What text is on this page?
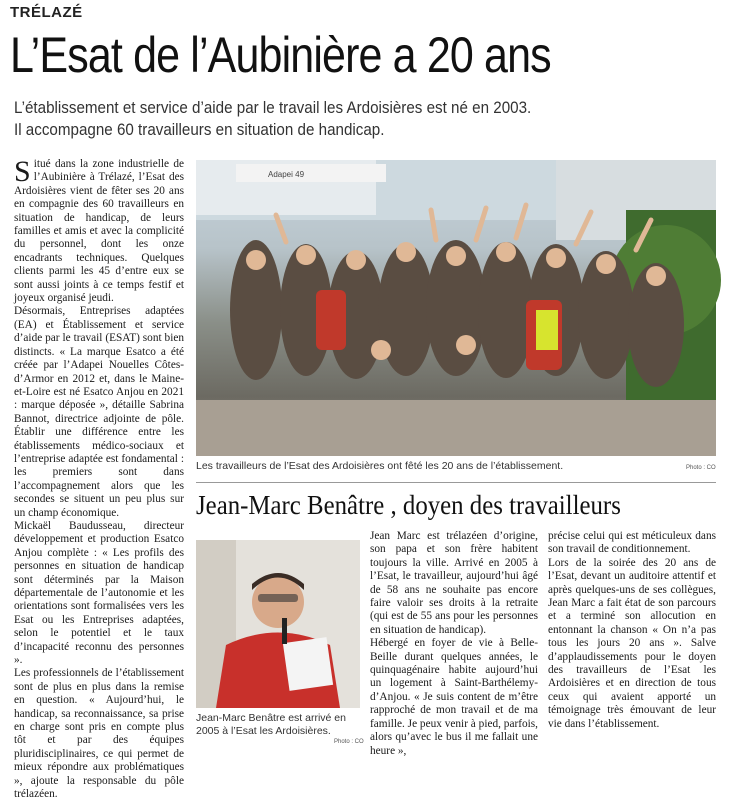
TRÉLAZÉ
L’Esat de l’Aubinière a 20 ans
L’établissement et service d’aide par le travail les Ardoisières est né en 2003.
Il accompagne 60 travailleurs en situation de handicap.

Situé dans la zone industrielle de l’Aubinière à Trélazé, l’Esat des Ardoisières vient de fêter ses 20 ans en compagnie des 60 travailleurs en situation de handicap, de leurs familles et amis et avec la complicité du personnel, dont les onze encadrants techniques. Quelques clients parmi les 45 d’entre eux se sont aussi joints à ce temps festif et joyeux organisé jeudi.

Désormais, Entreprises adaptées (EA) et Établissement et service d’aide par le travail (ESAT) sont bien distincts. « La marque Esatco a été créée par l’Adapei Nouelles Côtes-d’Armor en 2012 et, dans le Maine-et-Loire est né Esatco Anjou en 2021 : marque déposée », détaille Sabrina Bannot, directrice adjointe de pôle. Établir une différence entre les établissements médico-sociaux et l’entreprise adaptée est fondamental : les premiers sont dans l’accompagnement alors que les secondes se situent un peu plus sur un champ économique.

Mickaël Baudusseau, directeur développement et production Esatco Anjou complète : « Les profils des personnes en situation de handicap sont déterminés par la Maison départementale de l’autonomie et les orientations sont formalisées vers les Esat ou les Entreprises adaptées, selon le potentiel et le taux d’incapacité reconnu des personnes ».

Les professionnels de l’établissement sont de plus en plus dans la remise en question. « Aujourd’hui, le handicap, sa reconnaissance, sa prise en charge sont pris en compte plus tôt et par des équipes pluridisciplinaires, ce qui permet de mieux répondre aux problématiques », ajoute la responsable du pôle trélazéen.

Adapei 49
Les travailleurs de l’Esat des Ardoisières ont fêté les 20 ans de l’établissement.	Photo : CO
Jean-Marc Benâtre , doyen des travailleurs
Jean-Marc Benâtre est arrivé en 2005 à l’Esat les Ardoisières.
Photo : CO

Jean Marc est trélazéen d’origine, son papa et son frère habitent toujours la ville. Arrivé en 2005 à l’Esat, le travailleur, aujourd’hui âgé de 58 ans ne souhaite pas encore faire valoir ses droits à la retraite (qui est de 55 ans pour les personnes en situation de handicap).

Hébergé en foyer de vie à Belle-Beille durant quelques années, le quinquagénaire habite aujourd’hui un logement à Saint-Barthélemy-d’Anjou. « Je suis content de m’être rapproché de mon travail et de ma famille. Je peux venir à pied, parfois, alors qu’avec le bus il me fallait une heure »,

précise celui qui est méticuleux dans son travail de conditionnement.

Lors de la soirée des 20 ans de l’Esat, devant un auditoire attentif et après quelques-uns de ses collègues, Jean Marc a fait état de son parcours et a terminé son allocution en entonnant la chanson « On n’a pas tous les jours 20 ans ». Salve d’applaudissements pour le doyen des travailleurs de l’Esat les Ardoisières et en direction de tous ceux qui avaient apporté un témoignage très émouvant de leur vie dans l’établissement.
